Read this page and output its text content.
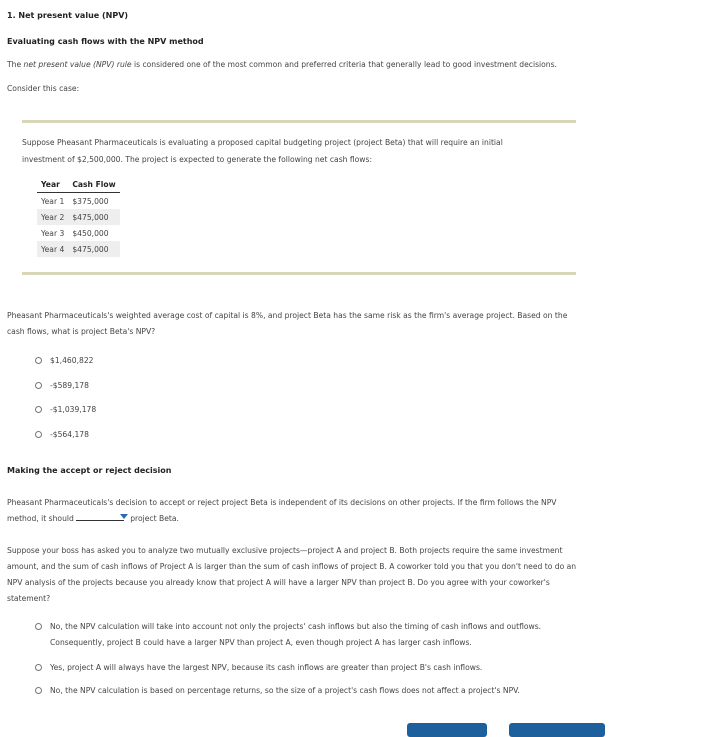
1. Net present value (NPV)
Evaluating cash flows with the NPV method
The net present value (NPV) rule is considered one of the most common and preferred criteria that generally lead to good investment decisions.
Consider this case:
Suppose Pheasant Pharmaceuticals is evaluating a proposed capital budgeting project (project Beta) that will require an initial
investment of $2,500,000. The project is expected to generate the following net cash flows:
Year	Cash Flow
Year 1	$375,000
Year 2	$475,000
Year 3	$450,000
Year 4	$475,000
Pheasant Pharmaceuticals's weighted average cost of capital is 8%, and project Beta has the same risk as the firm's average project. Based on the
cash flows, what is project Beta's NPV?
$1,460,822
-$589,178
-$1,039,178
-$564,178
Making the accept or reject decision
Pheasant Pharmaceuticals's decision to accept or reject project Beta is independent of its decisions on other projects. If the firm follows the NPV
method, it should	project Beta.
Suppose your boss has asked you to analyze two mutually exclusive projects—project A and project B. Both projects require the same investment
amount, and the sum of cash inflows of Project A is larger than the sum of cash inflows of project B. A coworker told you that you don't need to do an
NPV analysis of the projects because you already know that project A will have a larger NPV than project B. Do you agree with your coworker's
statement?
No, the NPV calculation will take into account not only the projects' cash inflows but also the timing of cash inflows and outflows.
Consequently, project B could have a larger NPV than project A, even though project A has larger cash inflows.
Yes, project A will always have the largest NPV, because its cash inflows are greater than project B's cash inflows.
No, the NPV calculation is based on percentage returns, so the size of a project's cash flows does not affect a project's NPV.
